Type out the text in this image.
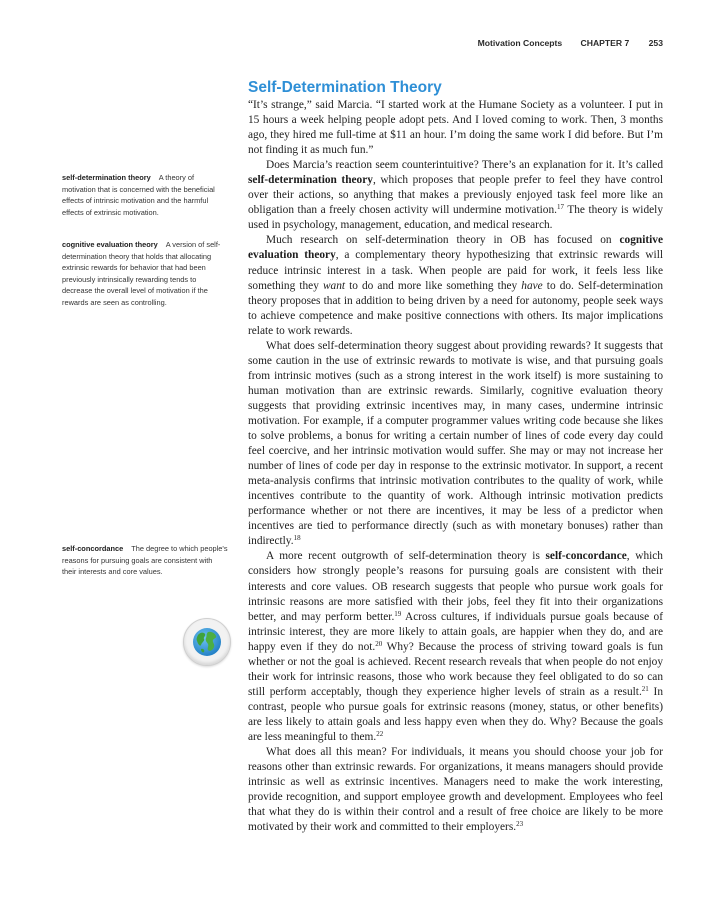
Motivation Concepts CHAPTER 7 253
Self-Determination Theory
self-determination theory A theory of motivation that is concerned with the beneficial effects of intrinsic motivation and the harmful effects of extrinsic motivation.
cognitive evaluation theory A version of self-determination theory that holds that allocating extrinsic rewards for behavior that had been previously intrinsically rewarding tends to decrease the overall level of motivation if the rewards are seen as controlling.
self-concordance The degree to which people's reasons for pursuing goals are consistent with their interests and core values.

“It’s strange,” said Marcia. “I started work at the Humane Society as a volunteer. I put in 15 hours a week helping people adopt pets. And I loved coming to work. Then, 3 months ago, they hired me full-time at $11 an hour. I’m doing the same work I did before. But I’m not finding it as much fun.”

Does Marcia’s reaction seem counterintuitive? There’s an explanation for it. It’s called self-determination theory, which proposes that people prefer to feel they have control over their actions, so anything that makes a previously enjoyed task feel more like an obligation than a freely chosen activity will undermine motivation.$^{17}$ The theory is widely used in psychology, management, education, and medical research.

Much research on self-determination theory in OB has focused on cognitive evaluation theory, a complementary theory hypothesizing that extrinsic rewards will reduce intrinsic interest in a task. When people are paid for work, it feels less like something they want to do and more like something they have to do. Self-determination theory proposes that in addition to being driven by a need for autonomy, people seek ways to achieve competence and make positive connections with others. Its major implications relate to work rewards.

What does self-determination theory suggest about providing rewards? It suggests that some caution in the use of extrinsic rewards to motivate is wise, and that pursuing goals from intrinsic motives (such as a strong interest in the work itself) is more sustaining to human motivation than are extrinsic rewards. Similarly, cognitive evaluation theory suggests that providing extrinsic incentives may, in many cases, undermine intrinsic motivation. For example, if a computer programmer values writing code because she likes to solve problems, a bonus for writing a certain number of lines of code every day could feel coercive, and her intrinsic motivation would suffer. She may or may not increase her number of lines of code per day in response to the extrinsic motivator. In support, a recent meta-analysis confirms that intrinsic motivation contributes to the quality of work, while incentives contribute to the quantity of work. Although intrinsic motivation predicts performance whether or not there are incentives, it may be less of a predictor when incentives are tied to performance directly (such as with monetary bonuses) rather than indirectly.$^{18}$

A more recent outgrowth of self-determination theory is self-concordance, which considers how strongly people’s reasons for pursuing goals are consistent with their interests and core values. OB research suggests that people who pursue work goals for intrinsic reasons are more satisfied with their jobs, feel they fit into their organizations better, and may perform better.$^{19}$ Across cultures, if individuals pursue goals because of intrinsic interest, they are more likely to attain goals, are happier when they do, and are happy even if they do not.$^{20}$ Why? Because the process of striving toward goals is fun whether or not the goal is achieved. Recent research reveals that when people do not enjoy their work for intrinsic reasons, those who work because they feel obligated to do so can still perform acceptably, though they experience higher levels of strain as a result.$^{21}$ In contrast, people who pursue goals for extrinsic reasons (money, status, or other benefits) are less likely to attain goals and less happy even when they do. Why? Because the goals are less meaningful to them.$^{22}$

What does all this mean? For individuals, it means you should choose your job for reasons other than extrinsic rewards. For organizations, it means managers should provide intrinsic as well as extrinsic incentives. Managers need to make the work interesting, provide recognition, and support employee growth and development. Employees who feel that what they do is within their control and a result of free choice are likely to be more motivated by their work and committed to their employers.$^{23}$
